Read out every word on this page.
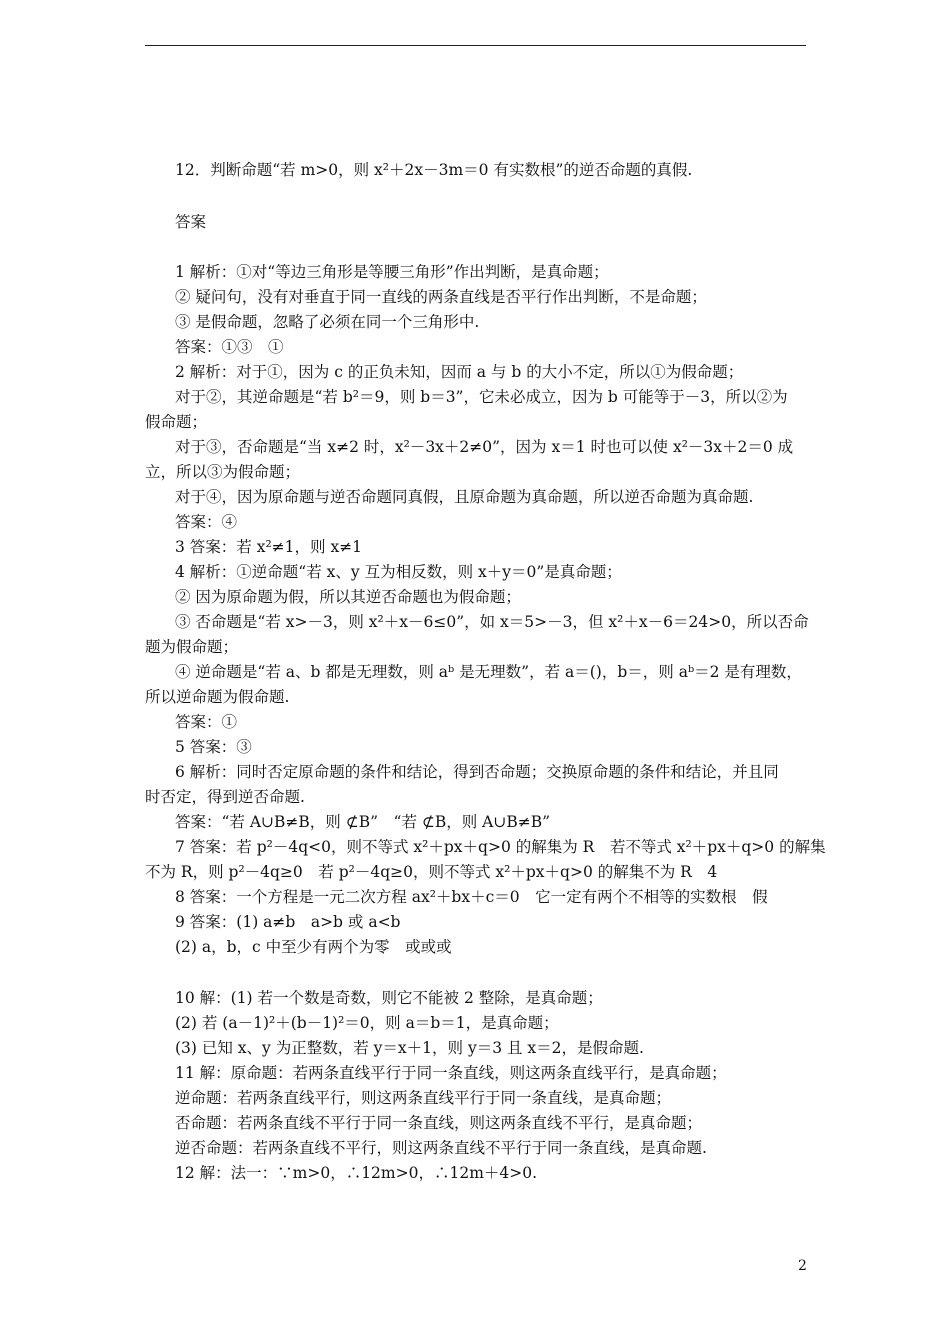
12．判断命题“若 m>0，则 x²＋2x－3m＝0 有实数根”的逆否命题的真假.
答案
1 解析：①对“等边三角形是等腰三角形”作出判断，是真命题；
② 疑问句，没有对垂直于同一直线的两条直线是否平行作出判断，不是命题；
③ 是假命题，忽略了必须在同一个三角形中.
答案：①③　①
2 解析：对于①，因为 c 的正负未知，因而 a 与 b 的大小不定，所以①为假命题；
对于②，其逆命题是“若 b²＝9，则 b＝3”，它未必成立，因为 b 可能等于－3，所以②为
假命题；
对于③，否命题是“当 x≠2 时，x²－3x＋2≠0”，因为 x＝1 时也可以使 x²－3x＋2＝0 成
立，所以③为假命题；
对于④，因为原命题与逆否命题同真假，且原命题为真命题，所以逆否命题为真命题.
答案：④
3 答案：若 x²≠1，则 x≠1
4 解析：①逆命题“若 x、y 互为相反数，则 x＋y＝0”是真命题；
② 因为原命题为假，所以其逆否命题也为假命题；
③ 否命题是“若 x>－3，则 x²＋x－6≤0”，如 x＝5>－3，但 x²＋x－6＝24>0，所以否命
题为假命题；
④ 逆命题是“若 a、b 都是无理数，则 aᵇ 是无理数”，若 a＝()，b＝，则 aᵇ＝2 是有理数，
所以逆命题为假命题.
答案：①
5 答案：③
6 解析：同时否定原命题的条件和结论，得到否命题；交换原命题的条件和结论，并且同
时否定，得到逆否命题.
答案：“若 A∪B≠B，则 ⊄B”　“若 ⊄B，则 A∪B≠B”
7 答案：若 p²－4q<0，则不等式 x²＋px＋q>0 的解集为 R　若不等式 x²＋px＋q>0 的解集
不为 R，则 p²－4q≥0　若 p²－4q≥0，则不等式 x²＋px＋q>0 的解集不为 R　4
8 答案：一个方程是一元二次方程 ax²＋bx＋c＝0　它一定有两个不相等的实数根　假
9 答案：(1) a≠b　a>b 或 a<b
(2) a，b，c 中至少有两个为零　或或或
10 解：(1) 若一个数是奇数，则它不能被 2 整除，是真命题；
(2) 若 (a－1)²＋(b－1)²＝0，则 a＝b＝1，是真命题；
(3) 已知 x、y 为正整数，若 y＝x＋1，则 y＝3 且 x＝2，是假命题.
11 解：原命题：若两条直线平行于同一条直线，则这两条直线平行，是真命题；
逆命题：若两条直线平行，则这两条直线平行于同一条直线，是真命题；
否命题：若两条直线不平行于同一条直线，则这两条直线不平行，是真命题；
逆否命题：若两条直线不平行，则这两条直线不平行于同一条直线，是真命题.
12 解：法一：∵m>0，∴12m>0，∴12m＋4>0.
2
